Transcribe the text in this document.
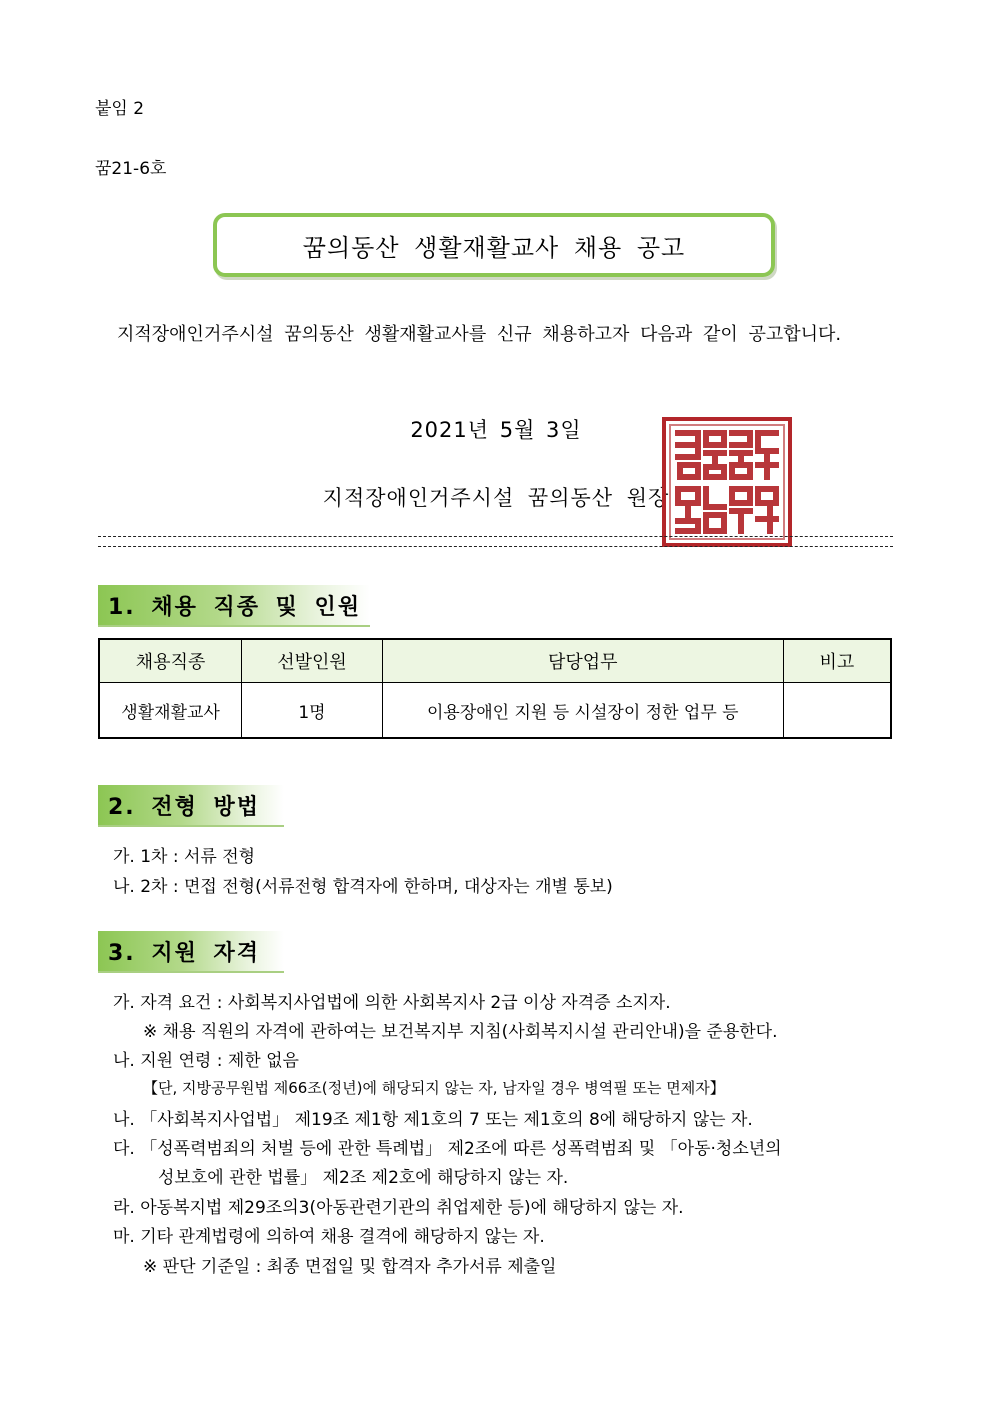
붙임 2
꿈21-6호
꿈의동산 생활재활교사 채용 공고
지적장애인거주시설 꿈의동산 생활재활교사를 신규 채용하고자 다음과 같이 공고합니다.
2021년 5월 3일
지적장애인거주시설 꿈의동산 원장
1. 채용 직종 및 인원
채용직종	선발인원	담당업무	비고
생활재활교사	1명	이용장애인 지원 등 시설장이 정한 업무 등	
2. 전형 방법
가. 1차 : 서류 전형
나. 2차 : 면접 전형(서류전형 합격자에 한하며, 대상자는 개별 통보)
3. 지원 자격
가. 자격 요건 : 사회복지사업법에 의한 사회복지사 2급 이상 자격증 소지자.
※ 채용 직원의 자격에 관하여는 보건복지부 지침(사회복지시설 관리안내)을 준용한다.
나. 지원 연령 : 제한 없음
【단, 지방공무원법 제66조(정년)에 해당되지 않는 자, 남자일 경우 병역필 또는 면제자】
나. 「사회복지사업법」 제19조 제1항 제1호의 7 또는 제1호의 8에 해당하지 않는 자.
다. 「성폭력범죄의 처벌 등에 관한 특례법」 제2조에 따른 성폭력범죄 및 「아동·청소년의
성보호에 관한 법률」 제2조 제2호에 해당하지 않는 자.
라. 아동복지법 제29조의3(아동관련기관의 취업제한 등)에 해당하지 않는 자.
마. 기타 관계법령에 의하여 채용 결격에 해당하지 않는 자.
※ 판단 기준일 : 최종 면접일 및 합격자 추가서류 제출일
